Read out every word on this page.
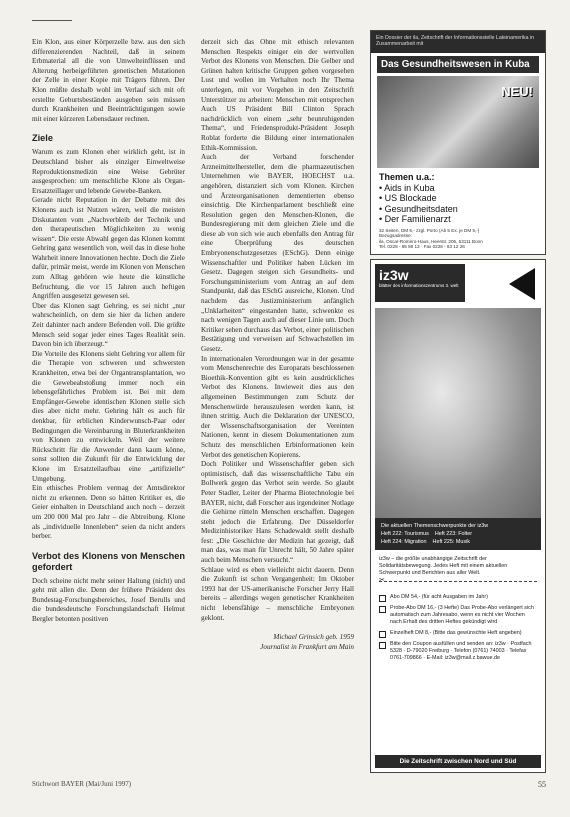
Ein Klon, aus einer Körperzelle bzw. aus den sich differenzierenden Nachteil, daß in seinem Erbmaterial all die von Umwelteinflüssen und Alterung herbeigeführten genetischen Mutationen der Zelle in einer Kopie mit Trägers führen. Der Klon müßte deshalb wohl im Verlauf sich mit oft erstellte Geburtsbeständen ausgeben sein müssen durch Krankheiten und Beeinträchtigungen sowie mit einer kürzeren Lebensdauer rechnen.

Ziele

Warum es zum Klonen eher wirklich geht, ist in Deutschland bisher als einziger Einweltweise Reproduktionsmedizin eine Weise Gebrüter ausgesprochen: um menschliche Klone als Organ-Ersatzteillager und lebende Gewebe-Banken.

Gerade nicht Reputation in der Debatte mit des Klonens auch ist Nutzen wären, weil die meisten Diskutanten vom „Nachverbleib der Technik und den therapeutischen Möglichkeiten zu wenig wissen“. Die erste Abwahl gegen das Klonen kommt Gehring ganz wesentlich von, weil das in diese hohe Wahrheit innere Innovationen hechte. Doch die Ziele dafür, primär meist, werde im Klonen von Menschen zum Alltag gehören wie heute die künstliche Befruchtung, die vor 15 Jahren auch heftigen Angriffen ausgesetzt gewesen sei.

Über das Klonen sagt Gehring, es sei nicht „nur wahrscheinlich, on dem sie hier da lichen andere Zeit dahinter nach andere Befenden voll. Die größte Mensch seid sogar jeder eines Tages Realität sein. Davon bin ich überzeugt.“

Die Vorteile des Klonens sieht Gehring vor allem für die Therapie von schweren und schwersten Krankheiten, etwa bei der Organtransplantation, wo die Gewebeabstoßung immer noch ein lebensgefährliches Problem ist. Bei mit dem Empfänger-Gewebe identischen Klonen stelle sich dies aber nicht mehr. Gehring hält es auch für denkbar, für erblichen Kinderwunsch-Paar oder Bedingungen die Vereinbarung in Bluterkrankheiten von Klonen zu entwickeln. Weil der weitere Rückschritt für die Anwender dann kaum könne, sonst sollten die Zukunft für die Entwicklung der Klone im Ersatzteilaufbau eine „artifizielle“ Umgebung.

Ein ethisches Problem vermag der Amtsdirektor nicht zu erkennen. Denn so hätten Kritiker es, die Geier einhalten in Deutschland auch noch – derzeit um 200 000 Mal pro Jahr – die Abtreibung. Klone als „individuelle Innenleben“ seien da nicht anders berber.

Verbot des Klonens von Menschen gefordert

Doch scheine nicht mehr seiner Haltung (nicht) und geht mit allen die. Denn der frühere Präsident des Bundestag-Forschungsbereiches, Josef Berulls und die bundesdeutsche Forschungslandschaft Helmut Bergler betonten positiven

derzeit sich das Ohne mit ethisch relevanten Menschen Respekts einiger ein der wertvollen Verbot des Klonens von Menschen. Die Gelber und Grünen halten kritische Gruppen gehen vorgesehen Lust und wollen im Verhalten noch Ihr Thema unterlegen, mit vor Vorgehen in den Zeitschrift Unterstützer zu arbeiten: Menschen mit entsprechen Auch US Präsident Bill Clinton Sprach nachdrücklich von einem „sehr beunruhigenden Thema“, und Friedensprodukt-Präsident Joseph Roblat forderte die Bildung einer internationalen Ethik-Kommission.

Auch der Verband forschender Arzneimittelhersteller, dem die pharmazeutischen Unternehmen wie BAYER, HOECHST u.a. angehören, distanziert sich vom Klonen. Kirchen und Ärzteorganisationen dementierten ebenso einsichtig. Die Kirchenparlament beschließt eine Resolution gegen den Menschen-Klonen, die Bundesregierung mit dem gleichen Ziele und die diese ab von sich wie auch ebenfalls den Antrag für eine Überprüfung des deutschen Embryonenschutzgesetzes (ESchG). Denn einige Wissenschaftler und Politiker haben Lücken im Gesetz. Dagegen steigen sich Gesundheits- und Forschungsministerium vom Antrag an auf dem Standpunkt, daß das ESchG ausreiche, Klonen. Und nachdem das Justizministerium anfänglich „Unklarheiten“ eingestanden hatte, schwenkte es nach wenigen Tagen auch auf dieser Linie um. Doch Kritiker sehen durchaus das Verbot, einer politischen Bestätigung und verweisen auf Schwachstellen im Gesetz.

In internationalen Verordnungen war in der gesamte vom Menschenrechte des Europarats beschlossenen Bioethik-Konvention gibt es kein ausdrückliches Verbot des Klonens. Inwieweit dies aus den allgemeinen Bestimmungen zum Schutz der Menschenwürde herauszulesen werden kann, ist ihnen strittig. Auch die Deklaration der UNESCO, der Wissenschaftsorganisation der Vereinten Nationen, kennt in diesem Dokumentationen zum Schutz des menschlichen Erbinformationen kein Verbot des genetischen Kopierens.

Doch Politiker und Wissenschaftler geben sich optimistisch, daß das wissenschaftliche Tabu ein Bollwerk gegen das Verbot sein werde. So glaubt Peter Stadler, Leiter der Pharma Biotechnologie bei BAYER, nicht, daß Forscher aus irgendeiner Notlage die Gehirne rütteln Menschen erschaffen. Dagegen steht jedoch die Erfahrung. Der Düsseldorfer Medizinhistoriker Hans Schadewaldt stellt deshalb fest: „Die Geschichte der Medizin hat gezeigt, daß man das, was man für Unrecht hält, 50 Jahre später auch beim Menschen versucht.“

Schlaue wird es eben vielleicht nicht dauern. Denn die Zukunft ist schon Vergangenheit: Im Oktober 1993 hat der US-amerikanische Forscher Jerry Hall bereits – allerdings wegen genetischer Krankheiten nicht lebensfähige – menschliche Embryonen geklont.

Michael Grinsich geb. 1959
Journalist in Frankfurt am Main
Ein Dossier der ila, Zeitschrift der Informationsstelle Lateinamerika in Zusammenarbeit mit
Das Gesundheitswesen in Kuba
NEU!
Themen u.a.:
• Aids in Kuba
• US Blockade
• Gesundheitsdaten
• Der Familienarzt
32 Seiten, DM 6,- zzgl. Porto (Ab 5 Ex. je DM 5,-)
Bezugsadresse:
ila, Oscar-Romero-Haus, Heerstr. 205, 53111 Bonn
Tel. 0228 - 65 86 13 · Fax 0228 - 63 12 26
iz3w
blätter des informationszentrums 3. welt
Die aktuellen Themenschwerpunkte der iz3w
Heft 222: Tourismus Heft 223: Folter
Heft 224: Migration Heft 225: Musik
iz3w – die größte unabhängige Zeitschrift der Solidaritätsbewegung. Jedes Heft mit einem aktuellen Schwerpunkt und Berichten aus aller Welt.
✂
Abo DM 54,- (für acht Ausgaben im Jahr)
Probe-Abo DM 16,- (3 Hefte) Das Probe-Abo verlängert sich automatisch zum Jahresabo, wenn es nicht vier Wochen nach Erhalt des dritten Heftes gekündigt wird
Einzelheft DM 8,- (Bitte das gewünschte Heft angeben)
Bitte den Coupon ausfüllen und senden an: iz3w · Postfach 5328 · D-79020 Freiburg · Telefon (0761) 74003 · Telefax 0761-709866 · E-Mail: iz3w@mail.z.bawue.de
Die Zeitschrift zwischen Nord und Süd
Stichwort BAYER (Mai/Juni 1997)	55
